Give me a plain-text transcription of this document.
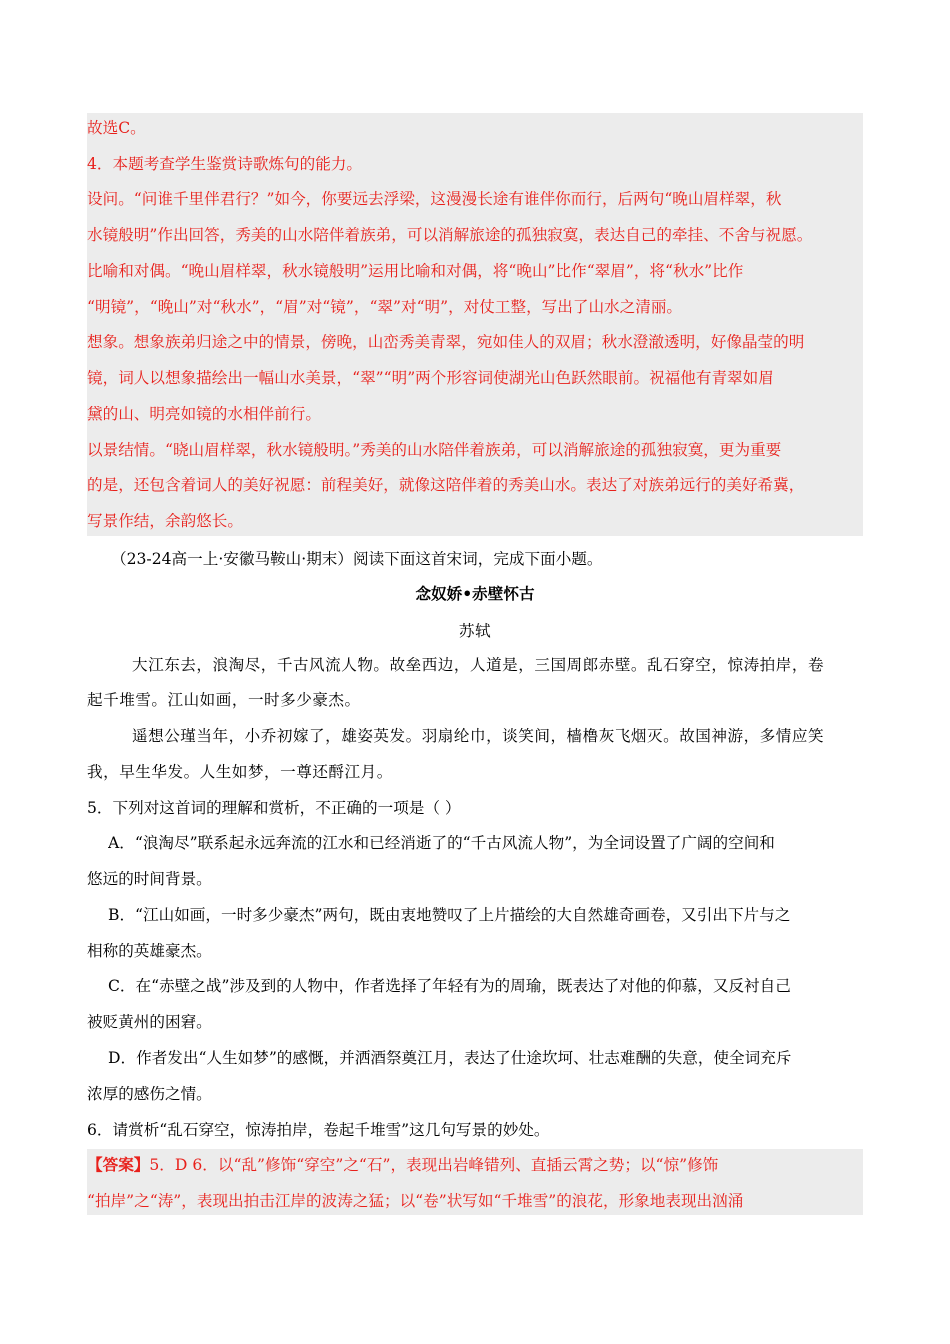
故选C。
4．本题考查学生鉴赏诗歌炼句的能力。
设问。“问谁千里伴君行？”如今，你要远去浮梁，这漫漫长途有谁伴你而行，后两句“晚山眉样翠，秋
水镜般明”作出回答，秀美的山水陪伴着族弟，可以消解旅途的孤独寂寞，表达自己的牵挂、不舍与祝愿。
比喻和对偶。“晚山眉样翠，秋水镜般明”运用比喻和对偶，将“晚山”比作“翠眉”，将“秋水”比作
“明镜”，“晚山”对“秋水”，“眉”对“镜”，“翠”对“明”，对仗工整，写出了山水之清丽。
想象。想象族弟归途之中的情景，傍晚，山峦秀美青翠，宛如佳人的双眉；秋水澄澈透明，好像晶莹的明
镜，词人以想象描绘出一幅山水美景，“翠”“明”两个形容词使湖光山色跃然眼前。祝福他有青翠如眉
黛的山、明亮如镜的水相伴前行。
以景结情。“晓山眉样翠，秋水镜般明。”秀美的山水陪伴着族弟，可以消解旅途的孤独寂寞，更为重要
的是，还包含着词人的美好祝愿：前程美好，就像这陪伴着的秀美山水。表达了对族弟远行的美好希冀，
写景作结，余韵悠长。
（23-24高一上·安徽马鞍山·期末）阅读下面这首宋词，完成下面小题。
念奴娇•赤壁怀古
苏轼
大江东去，浪淘尽，千古风流人物。故垒西边，人道是，三国周郎赤壁。乱石穿空，惊涛拍岸，卷
起千堆雪。江山如画，一时多少豪杰。
遥想公瑾当年，小乔初嫁了，雄姿英发。羽扇纶巾，谈笑间，樯橹灰飞烟灭。故国神游，多情应笑
我，早生华发。人生如梦，一尊还酹江月。
5．下列对这首词的理解和赏析，不正确的一项是（ ）
A．“浪淘尽”联系起永远奔流的江水和已经消逝了的“千古风流人物”，为全词设置了广阔的空间和
悠远的时间背景。
B．“江山如画，一时多少豪杰”两句，既由衷地赞叹了上片描绘的大自然雄奇画卷，又引出下片与之
相称的英雄豪杰。
C．在“赤壁之战”涉及到的人物中，作者选择了年轻有为的周瑜，既表达了对他的仰慕，又反衬自己
被贬黄州的困窘。
D．作者发出“人生如梦”的感慨，并洒酒祭奠江月，表达了仕途坎坷、壮志难酬的失意，使全词充斥
浓厚的感伤之情。
6．请赏析“乱石穿空，惊涛拍岸，卷起千堆雪”这几句写景的妙处。
【答案】5．D 6．以“乱”修饰“穿空”之“石”，表现出岩峰错列、直插云霄之势；以“惊”修饰
“拍岸”之“涛”，表现出拍击江岸的波涛之猛；以“卷”状写如“千堆雪”的浪花，形象地表现出汹涌
